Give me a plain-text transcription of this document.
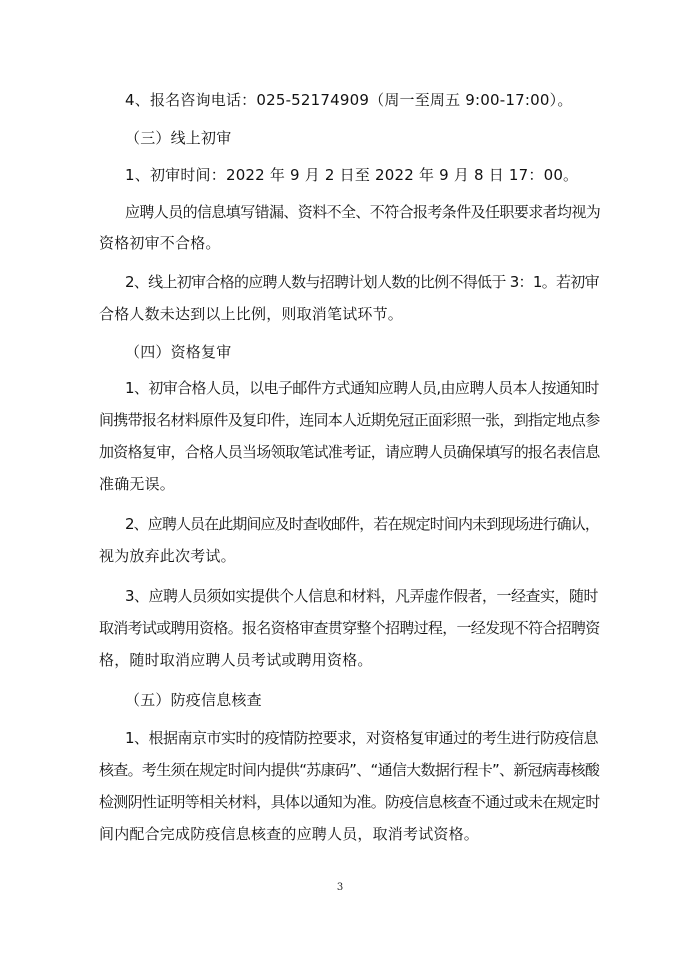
4、报名咨询电话：025-52174909（周一至周五 9:00-17:00）。
（三）线上初审
1、初审时间：2022 年 9 月 2 日至 2022 年 9 月 8 日 17：00。
应聘人员的信息填写错漏、资料不全、不符合报考条件及任职要求者均视为
资格初审不合格。
2、线上初审合格的应聘人数与招聘计划人数的比例不得低于 3：1。若初审
合格人数未达到以上比例，则取消笔试环节。
（四）资格复审
1、初审合格人员，以电子邮件方式通知应聘人员,由应聘人员本人按通知时
间携带报名材料原件及复印件，连同本人近期免冠正面彩照一张，到指定地点参
加资格复审，合格人员当场领取笔试准考证，请应聘人员确保填写的报名表信息
准确无误。
2、应聘人员在此期间应及时查收邮件，若在规定时间内未到现场进行确认，
视为放弃此次考试。
3、应聘人员须如实提供个人信息和材料，凡弄虚作假者，一经查实，随时
取消考试或聘用资格。报名资格审查贯穿整个招聘过程，一经发现不符合招聘资
格，随时取消应聘人员考试或聘用资格。
（五）防疫信息核查
1、根据南京市实时的疫情防控要求，对资格复审通过的考生进行防疫信息
核查。考生须在规定时间内提供“苏康码”、“通信大数据行程卡”、新冠病毒核酸
检测阴性证明等相关材料，具体以通知为准。防疫信息核查不通过或未在规定时
间内配合完成防疫信息核查的应聘人员，取消考试资格。
3
